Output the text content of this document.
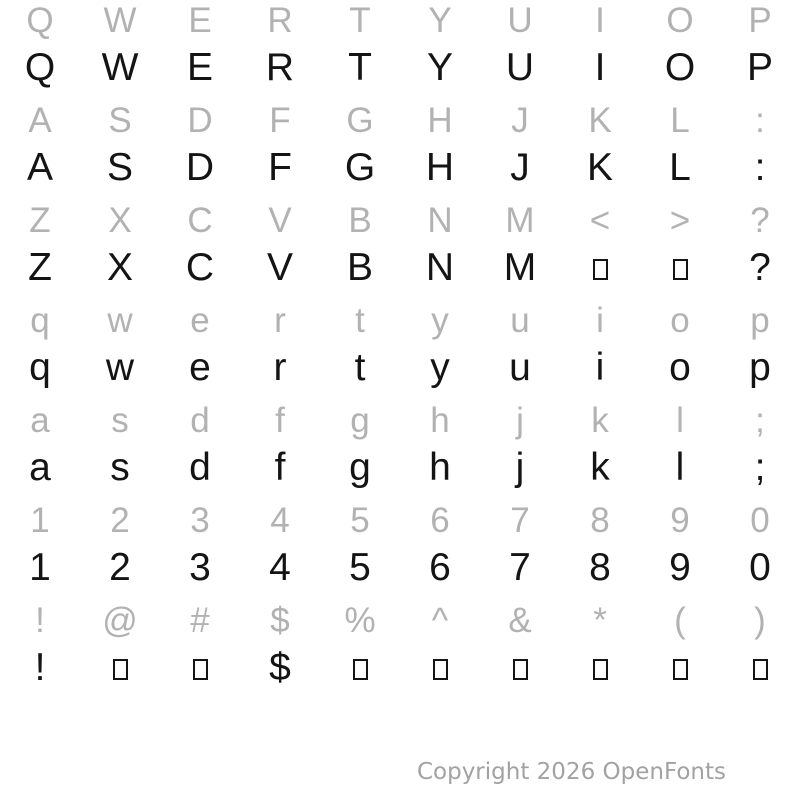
Q W E R T Y U I O P
Q W E R T Y U I O P
A S D F G H J K L :
A S D F G H J K L :
Z X C V B N M < > ?
Z X C V B N M	?
q w e r t y u i o p
q w e r t y u i o p
a s d f g h j k l ;
a s d f g h j k l ;
1 2 3 4 5 6 7 8 9 0
1 2 3 4 5 6 7 8 9 0
! @ # $ % ^ & * ( )
!	$
Copyright 2026 OpenFonts
